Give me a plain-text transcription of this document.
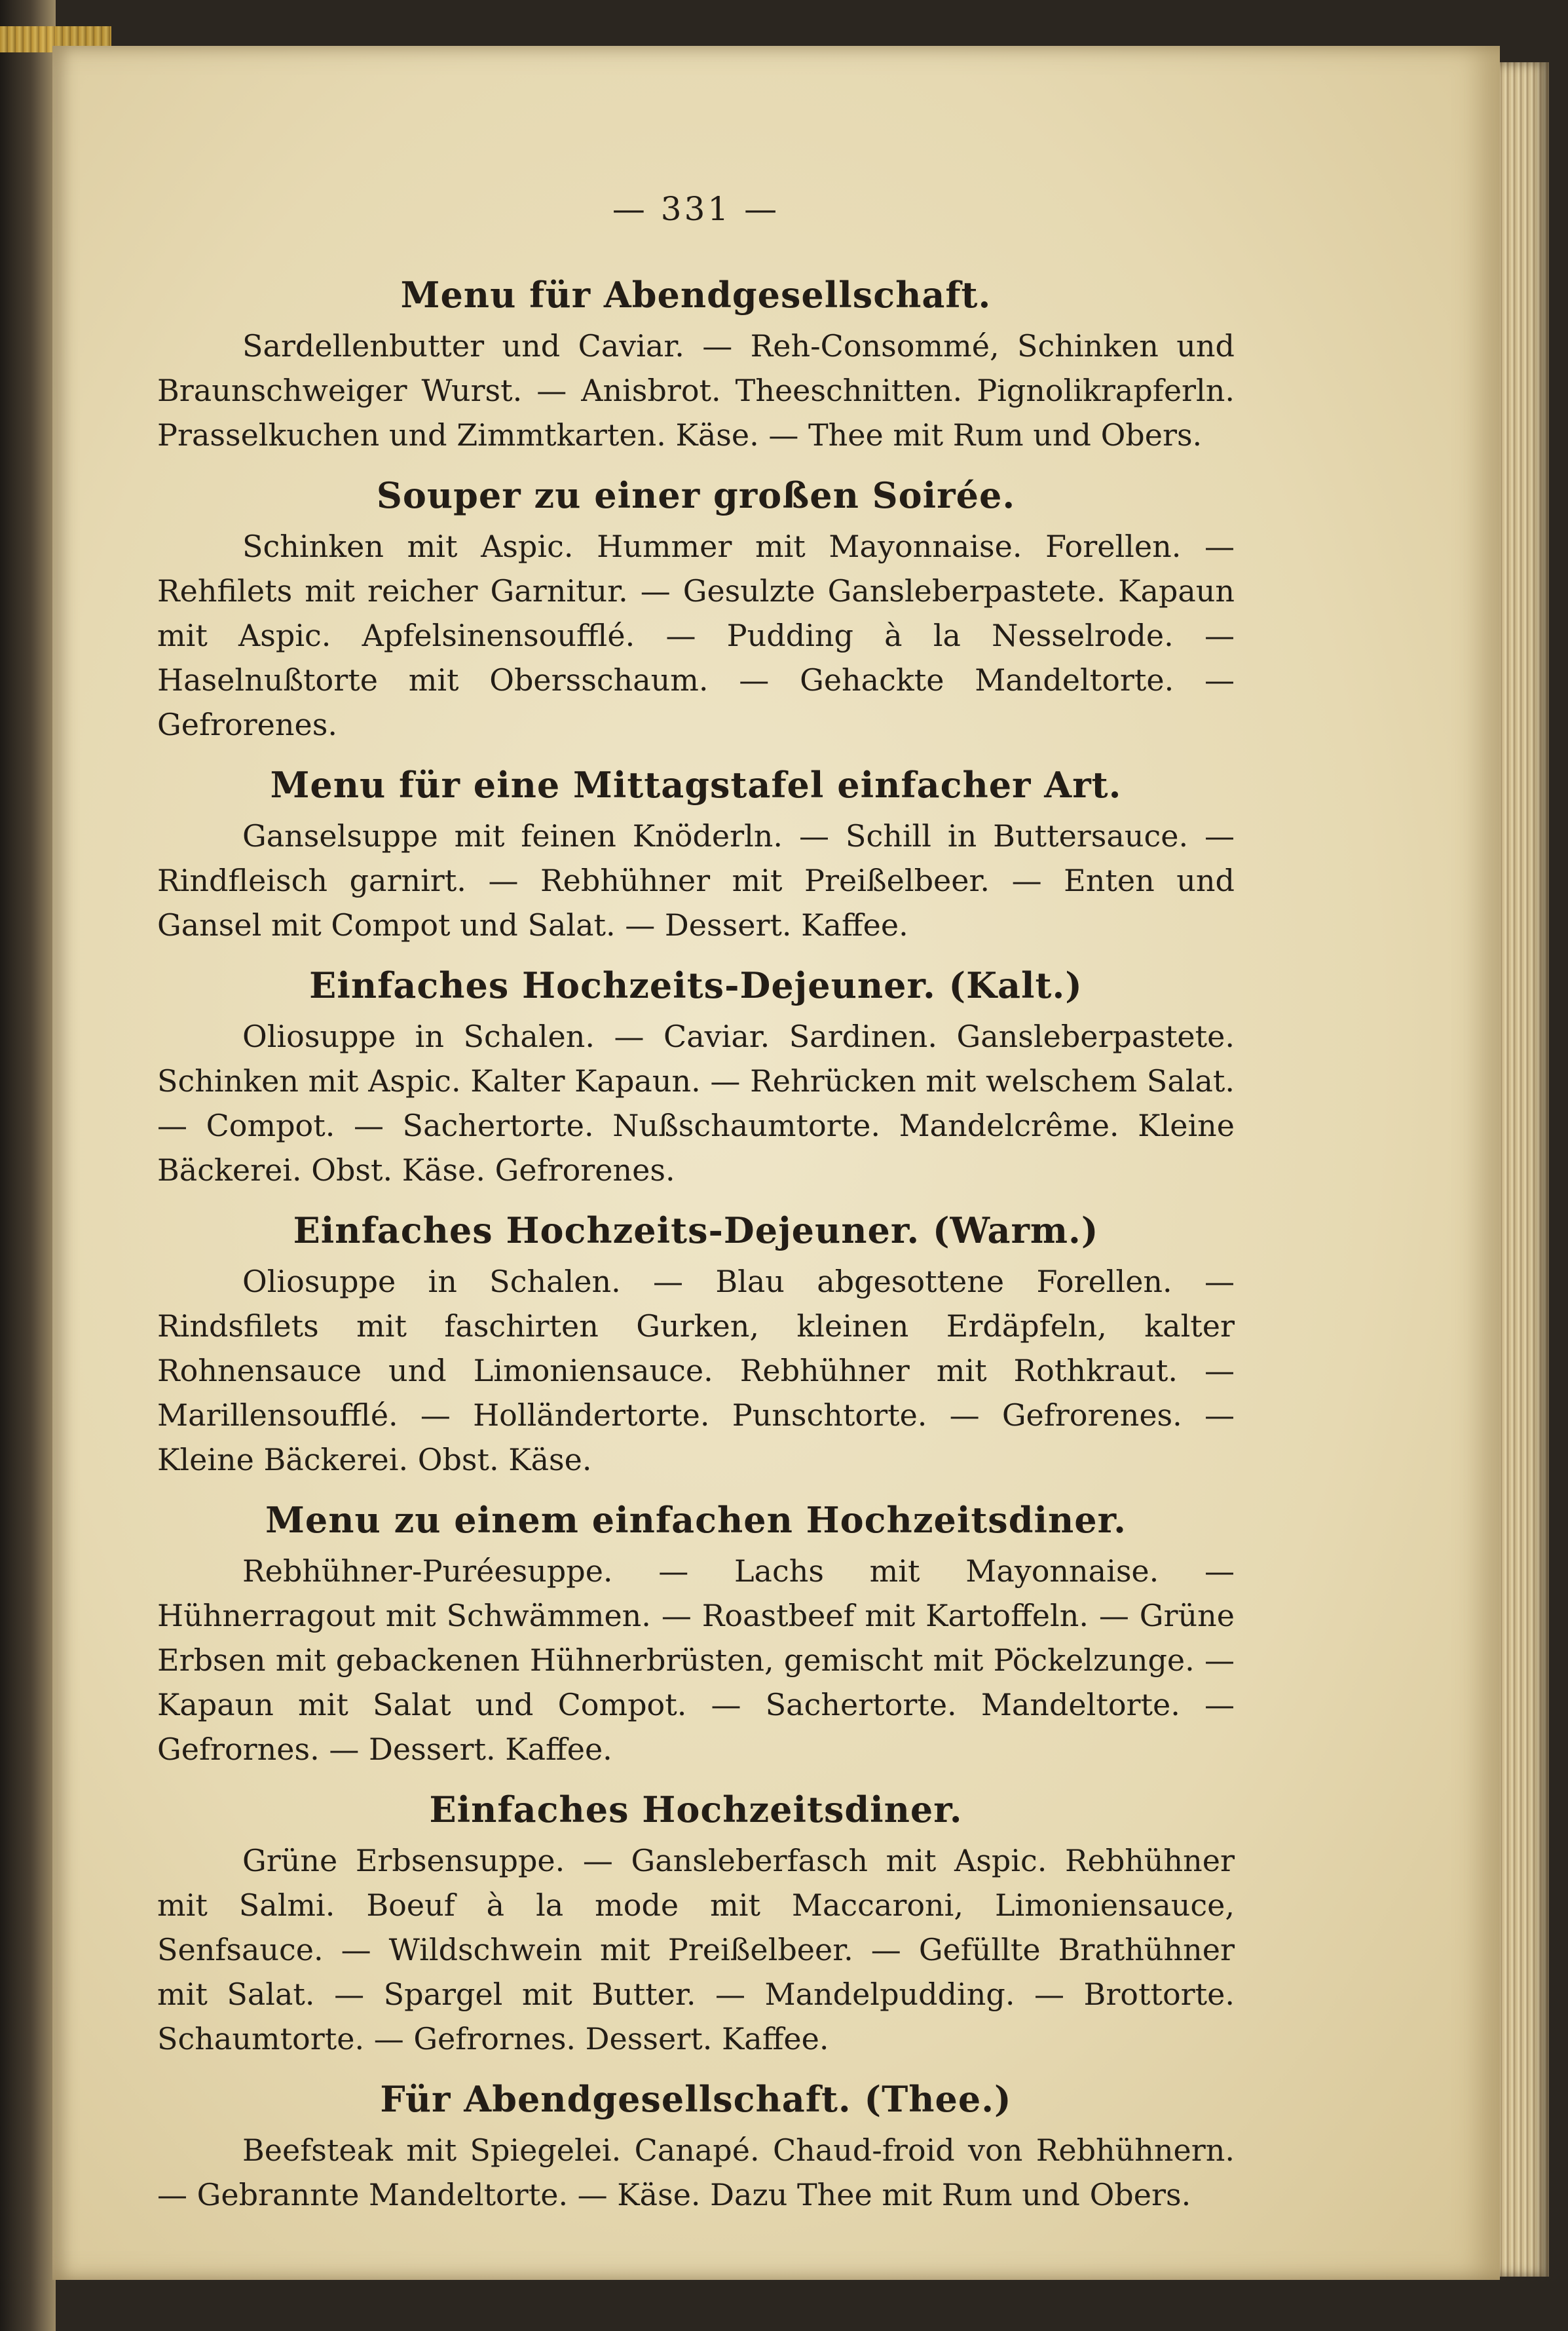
— 331 —
Menu für Abendgesellschaft.

Sardellenbutter und Caviar. — Reh-Consommé, Schinken und Braunschweiger Wurst. — Anisbrot. Theeschnitten. Pignolikrapferln. Prasselkuchen und Zimmtkarten. Käse. — Thee mit Rum und Obers.

Souper zu einer großen Soirée.

Schinken mit Aspic. Hummer mit Mayonnaise. Forellen. — Rehfilets mit reicher Garnitur. — Gesulzte Gansleberpastete. Kapaun mit Aspic. Apfelsinensoufflé. — Pudding à la Nesselrode. — Haselnußtorte mit Obersschaum. — Gehackte Mandeltorte. — Gefrorenes.

Menu für eine Mittagstafel einfacher Art.

Ganselsuppe mit feinen Knöderln. — Schill in Buttersauce. — Rindfleisch garnirt. — Rebhühner mit Preißelbeer. — Enten und Gansel mit Compot und Salat. — Dessert. Kaffee.

Einfaches Hochzeits-Dejeuner. (Kalt.)

Oliosuppe in Schalen. — Caviar. Sardinen. Gansleberpastete. Schinken mit Aspic. Kalter Kapaun. — Rehrücken mit welschem Salat. — Compot. — Sachertorte. Nußschaumtorte. Mandelcrême. Kleine Bäckerei. Obst. Käse. Gefrorenes.

Einfaches Hochzeits-Dejeuner. (Warm.)

Oliosuppe in Schalen. — Blau abgesottene Forellen. — Rindsfilets mit faschirten Gurken, kleinen Erdäpfeln, kalter Rohnensauce und Limoniensauce. Rebhühner mit Rothkraut. — Marillensoufflé. — Holländertorte. Punschtorte. — Gefrorenes. — Kleine Bäckerei. Obst. Käse.

Menu zu einem einfachen Hochzeitsdiner.

Rebhühner-Puréesuppe. — Lachs mit Mayonnaise. — Hühnerragout mit Schwämmen. — Roastbeef mit Kartoffeln. — Grüne Erbsen mit gebackenen Hühnerbrüsten, gemischt mit Pöckelzunge. — Kapaun mit Salat und Compot. — Sachertorte. Mandeltorte. — Gefrornes. — Dessert. Kaffee.

Einfaches Hochzeitsdiner.

Grüne Erbsensuppe. — Gansleberfasch mit Aspic. Rebhühner mit Salmi. Boeuf à la mode mit Maccaroni, Limoniensauce, Senfsauce. — Wildschwein mit Preißelbeer. — Gefüllte Brathühner mit Salat. — Spargel mit Butter. — Mandelpudding. — Brottorte. Schaumtorte. — Gefrornes. Dessert. Kaffee.

Für Abendgesellschaft. (Thee.)

Beefsteak mit Spiegelei. Canapé. Chaud-froid von Rebhühnern. — Gebrannte Mandeltorte. — Käse. Dazu Thee mit Rum und Obers.
